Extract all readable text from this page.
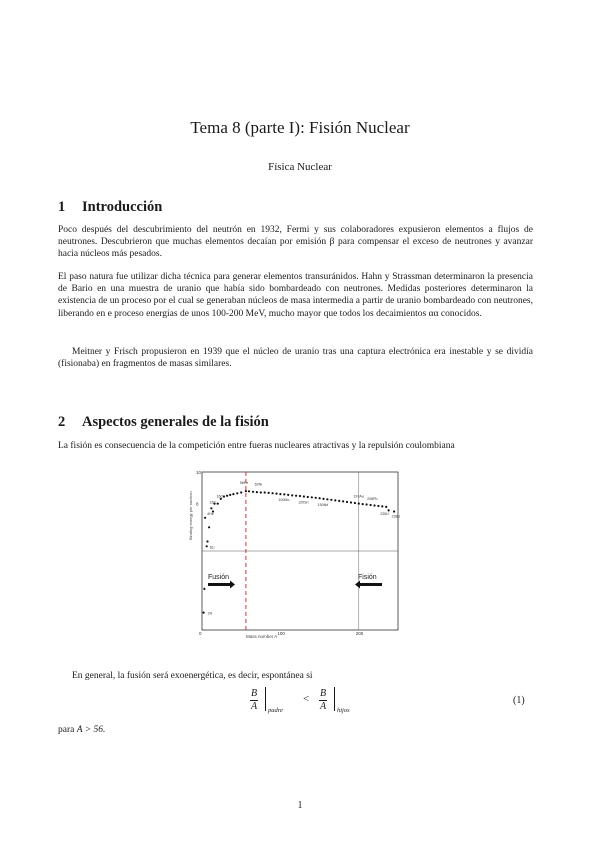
Tema 8 (parte I): Fisión Nuclear
Física Nuclear
1 Introducción
Poco después del descubrimiento del neutrón en 1932, Fermi y sus colaboradores expusieron elementos a flujos de neutrones. Descubrieron que muchas elementos decaían por emisión β para compensar el exceso de neutrones y avanzar hacia núcleos más pesados.
El paso natura fue utilizar dicha técnica para generar elementos transuránidos. Hahn y Strassman determinaron la presencia de Bario en una muestra de uranio que había sido bombardeado con neutrones. Medidas posteriores determinaron la existencia de un proceso por el cual se generaban núcleos de masa intermedia a partir de uranio bombardeado con neutrones, liberando en e proceso energías de unos 100-200 MeV, mucho mayor que todos los decaimientos αα conocidos.
Meitner y Frisch propusieron en 1939 que el núcleo de uranio tras una captura electrónica era inestable y se dividía (fisionaba) en fragmentos de masas similares.
2 Aspectos generales de la fisión
La fisión es consecuencia de la competición entre fueras nucleares atractivas y la repulsión coulombiana
0	100	200
10
8
4He
12C
16O
56Fe 62Ni
100Mo
120Sn
150Nd
197Au
208Pb
235U
238U
2H
6Li
Fusión	Fisión
Binding energy per nucleon
Mass number A
En general, la fusión será exoenergética, es decir, espontánea si
$\frac{B}{A}$ padre
< $\frac{B}{A}$ hijos
(1)
para A > 56.
1
